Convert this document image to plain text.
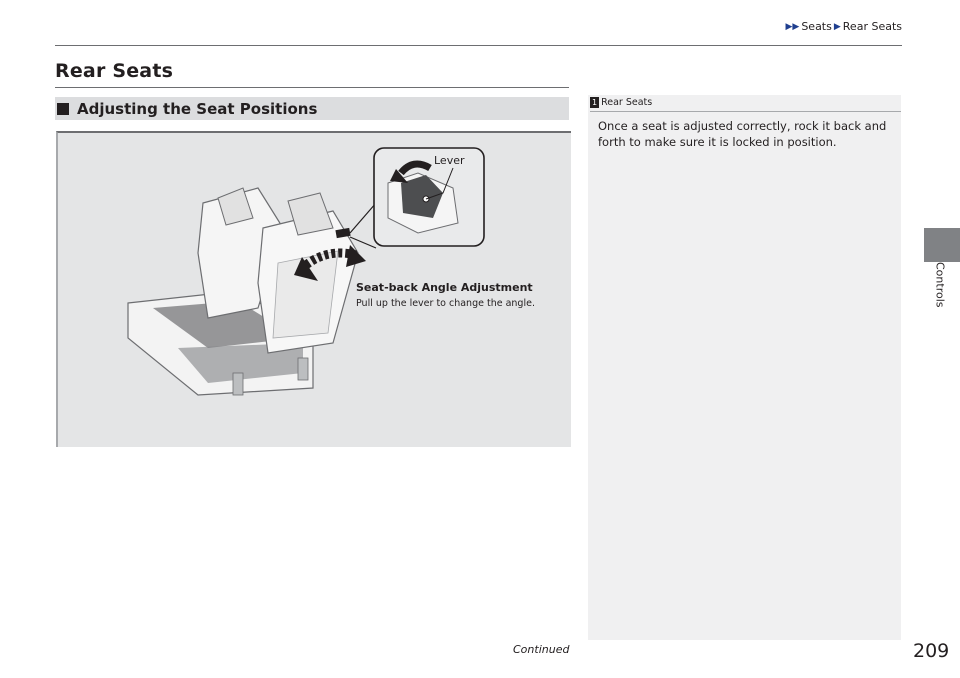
▶▶ Seats ▶ Rear Seats
Rear Seats
Adjusting the Seat Positions
Lever
Seat-back Angle Adjustment
Pull up the lever to change the angle.
1 Rear Seats
Once a seat is adjusted correctly, rock it back and forth to make sure it is locked in position.
Controls
Continued	209
